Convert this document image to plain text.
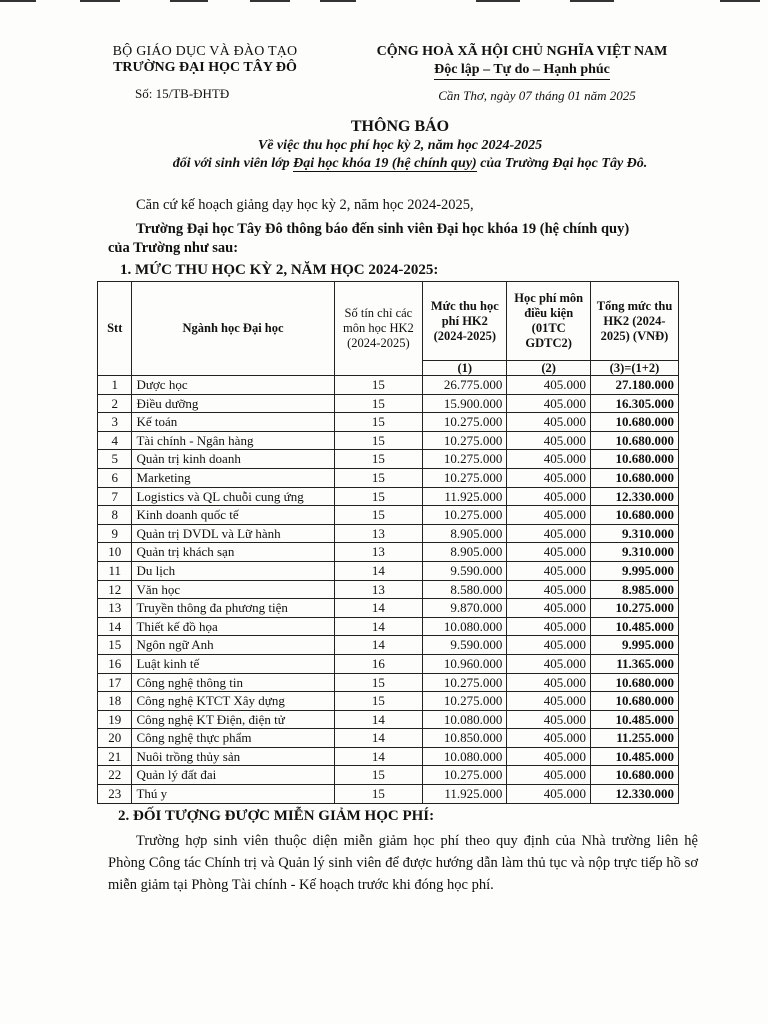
BỘ GIÁO DỤC VÀ ĐÀO TẠO
TRƯỜNG ĐẠI HỌC TÂY ĐÔ
Số: 15/TB-ĐHTĐ
CỘNG HOÀ XÃ HỘI CHỦ NGHĨA VIỆT NAM
Độc lập – Tự do – Hạnh phúc
Cần Thơ, ngày 07 tháng 01 năm 2025
THÔNG BÁO
Về việc thu học phí học kỳ 2, năm học 2024-2025
đối với sinh viên lớp Đại học khóa 19 (hệ chính quy) của Trường Đại học Tây Đô.
Căn cứ kế hoạch giảng dạy học kỳ 2, năm học 2024-2025,
Trường Đại học Tây Đô thông báo đến sinh viên Đại học khóa 19 (hệ chính quy)
của Trường như sau:
1. MỨC THU HỌC KỲ 2, NĂM HỌC 2024-2025:
Stt	Ngành học Đại học	Số tín chỉ các môn học HK2 (2024-2025)	Mức thu học phí HK2 (2024-2025)	Học phí môn điều kiện (01TC GDTC2)	Tổng mức thu HK2 (2024-2025) (VNĐ)
			(1)	(2)	(3)=(1+2)
1	Dược học	15	26.775.000	405.000	27.180.000
2	Điều dưỡng	15	15.900.000	405.000	16.305.000
3	Kế toán	15	10.275.000	405.000	10.680.000
4	Tài chính - Ngân hàng	15	10.275.000	405.000	10.680.000
5	Quản trị kinh doanh	15	10.275.000	405.000	10.680.000
6	Marketing	15	10.275.000	405.000	10.680.000
7	Logistics và QL chuỗi cung ứng	15	11.925.000	405.000	12.330.000
8	Kinh doanh quốc tế	15	10.275.000	405.000	10.680.000
9	Quản trị DVDL và Lữ hành	13	8.905.000	405.000	9.310.000
10	Quản trị khách sạn	13	8.905.000	405.000	9.310.000
11	Du lịch	14	9.590.000	405.000	9.995.000
12	Văn học	13	8.580.000	405.000	8.985.000
13	Truyền thông đa phương tiện	14	9.870.000	405.000	10.275.000
14	Thiết kế đồ họa	14	10.080.000	405.000	10.485.000
15	Ngôn ngữ Anh	14	9.590.000	405.000	9.995.000
16	Luật kinh tế	16	10.960.000	405.000	11.365.000
17	Công nghệ thông tin	15	10.275.000	405.000	10.680.000
18	Công nghệ KTCT Xây dựng	15	10.275.000	405.000	10.680.000
19	Công nghệ KT Điện, điện tử	14	10.080.000	405.000	10.485.000
20	Công nghệ thực phẩm	14	10.850.000	405.000	11.255.000
21	Nuôi trồng thủy sản	14	10.080.000	405.000	10.485.000
22	Quản lý đất đai	15	10.275.000	405.000	10.680.000
23	Thú y	15	11.925.000	405.000	12.330.000
2. ĐỐI TƯỢNG ĐƯỢC MIỄN GIẢM HỌC PHÍ:
Trường hợp sinh viên thuộc diện miễn giảm học phí theo quy định của Nhà trường liên hệ Phòng Công tác Chính trị và Quản lý sinh viên để được hướng dẫn làm thủ tục và nộp trực tiếp hồ sơ miễn giảm tại Phòng Tài chính - Kế hoạch trước khi đóng học phí.
